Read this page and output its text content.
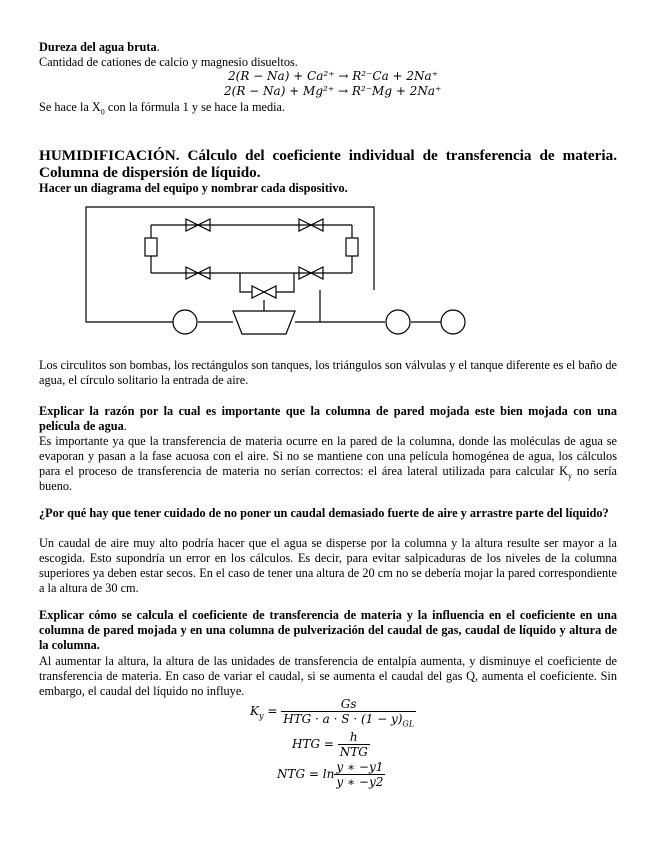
Dureza del agua bruta.
Cantidad de cationes de calcio y magnesio disueltos.
2(R − Na) + Ca²⁺ → R²⁻Ca + 2Na⁺
2(R − Na) + Mg²⁺ → R²⁻Mg + 2Na⁺
Se hace la $X_0$ con la fórmula 1 y se hace la media.
HUMIDIFICACIÓN. Cálculo del coeficiente individual de transferencia de materia. Columna de dispersión de líquido.
Hacer un diagrama del equipo y nombrar cada dispositivo.
Los circulitos son bombas, los rectángulos son tanques, los triángulos son válvulas y el tanque diferente es el baño de agua, el círculo solitario la entrada de aire.
Explicar la razón por la cual es importante que la columna de pared mojada este bien mojada con una película de agua.
Es importante ya que la transferencia de materia ocurre en la pared de la columna, donde las moléculas de agua se evaporan y pasan a la fase acuosa con el aire. Si no se mantiene con una película homogénea de agua, los cálculos para el proceso de transferencia de materia no serían correctos: el área lateral utilizada para calcular $K_y$ no sería bueno.
¿Por qué hay que tener cuidado de no poner un caudal demasiado fuerte de aire y arrastre parte del líquido?
Un caudal de aire muy alto podría hacer que el agua se disperse por la columna y la altura resulte ser mayor a la escogida. Esto supondría un error en los cálculos. Es decir, para evitar salpicaduras de los niveles de la columna superiores ya deben estar secos. En el caso de tener una altura de 20 cm no se debería mojar la pared correspondiente a la altura de 30 cm.
Explicar cómo se calcula el coeficiente de transferencia de materia y la influencia en el coeficiente en una columna de pared mojada y en una columna de pulverización del caudal de gas, caudal de líquido y altura de la columna.
Al aumentar la altura, la altura de las unidades de transferencia de entalpía aumenta, y disminuye el coeficiente de transferencia de materia. En caso de variar el caudal, si se aumenta el caudal del gas Q, aumenta el coeficiente. Sin embargo, el caudal del líquido no influye.
$K_y = \frac{Gs}{HTG \cdot a \cdot S \cdot (1 - y)_{GL}}$
HTG = $\frac{h}{\text{NTG}}$
NTG = $\ln \frac{y ∗ -y1}{y ∗ -y2}$
